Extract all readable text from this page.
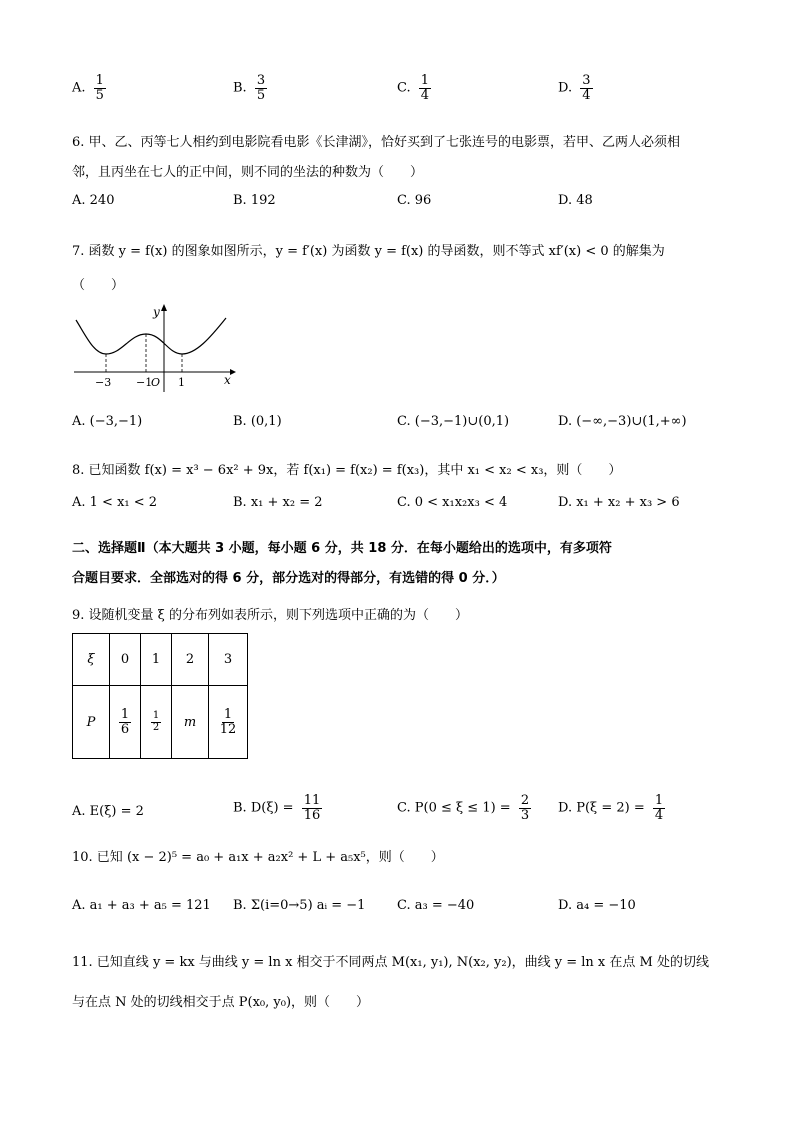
A. $\frac{1}{5}$	B. $\frac{3}{5}$	C. $\frac{1}{4}$	D. $\frac{3}{4}$
6. 甲、乙、丙等七人相约到电影院看电影《长津湖》，恰好买到了七张连号的电影票，若甲、乙两人必须相
邻，且丙坐在七人的正中间，则不同的坐法的种数为（　　）
A. 240	B. 192	C. 96	D. 48
7. 函数 y = f(x) 的图象如图所示，y = f′(x) 为函数 y = f(x) 的导函数，则不等式 xf′(x) < 0 的解集为
（　　）
y
x
−3 −1
O 1
A. (−3,−1)	B. (0,1)	C. (−3,−1)∪(0,1)	D. (−∞,−3)∪(1,+∞)
8. 已知函数 f(x) = x³ − 6x² + 9x，若 f(x₁) = f(x₂) = f(x₃)，其中 x₁ < x₂ < x₃，则（　　）
A. 1 < x₁ < 2	B. x₁ + x₂ = 2	C. 0 < x₁x₂x₃ < 4	D. x₁ + x₂ + x₃ > 6
二、选择题Ⅱ（本大题共 3 小题，每小题 6 分，共 18 分．在每小题给出的选项中，有多项符
合题目要求．全部选对的得 6 分，部分选对的得部分，有选错的得 0 分．）
9. 设随机变量 ξ 的分布列如表所示，则下列选项中正确的为（　　）
ξ	0	1	2	3
P	$\frac{1}{6}$	$\frac{1}{2}$	m	$\frac{1}{12}$
A. E(ξ) = 2	B. $D(\xi) = \frac{11}{16}$	C. $P(0 \le \xi \le 1) = \frac{2}{3} D$. $P(\xi = 2) = \frac{1}{4}$
10. 已知 (x − 2)⁵ = a₀ + a₁x + a₂x² + L + a₅x⁵，则（　　）
A. a₁ + a₃ + a₅ = 121 B. Σ(i=0→5) aᵢ = −1 C. a₃ = −40	D. a₄ = −10
11. 已知直线 y = kx 与曲线 y = ln x 相交于不同两点 M(x₁, y₁), N(x₂, y₂)，曲线 y = ln x 在点 M 处的切线
与在点 N 处的切线相交于点 P(x₀, y₀)，则（　　）
